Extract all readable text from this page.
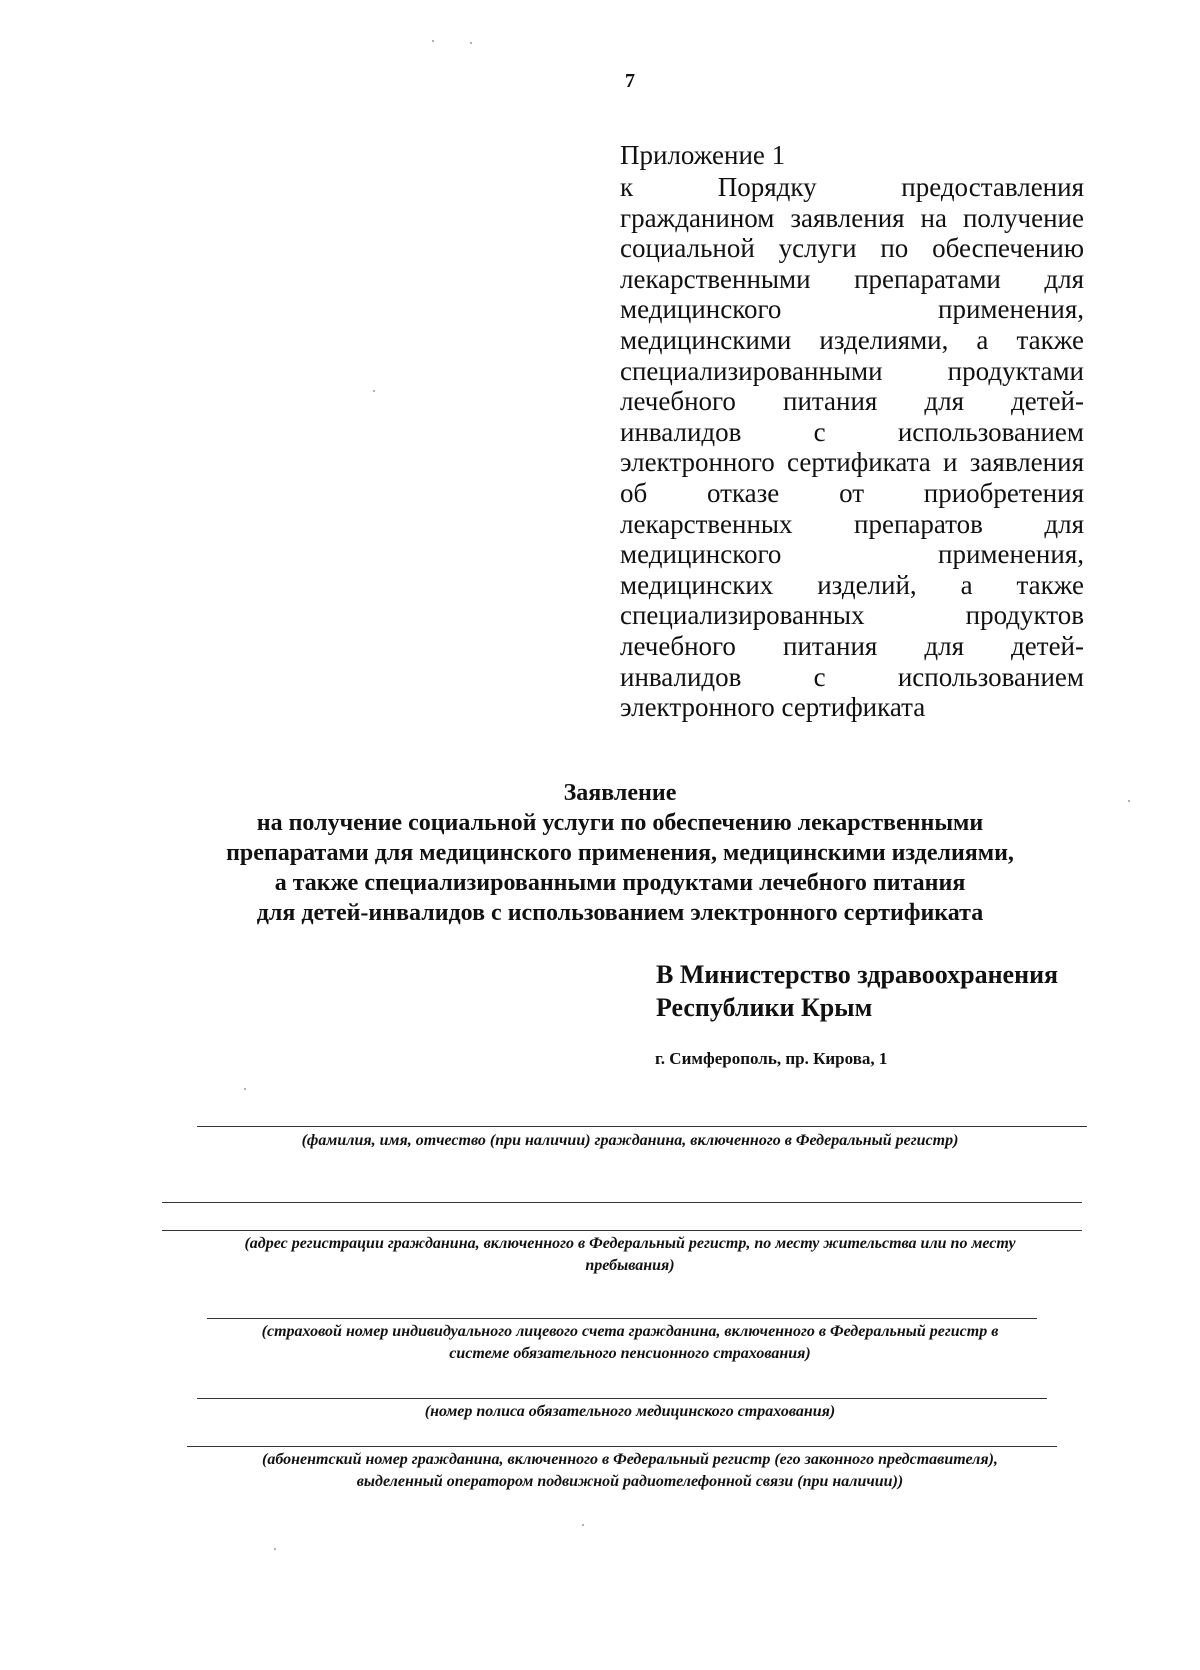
7
Приложение 1
к Порядку предоставления гражданином заявления на получение социальной услуги по обеспечению лекарственными препаратами для медицинского применения, медицинскими изделиями, а также специализированными продуктами лечебного питания для детей-инвалидов с использованием электронного сертификата и заявления об отказе от приобретения лекарственных препаратов для медицинского применения, медицинских изделий, а также специализированных продуктов лечебного питания для детей-инвалидов с использованием электронного сертификата
Заявление
на получение социальной услуги по обеспечению лекарственными
препаратами для медицинского применения, медицинскими изделиями,
а также специализированными продуктами лечебного питания
для детей-инвалидов с использованием электронного сертификата
В Министерство здравоохранения
Республики Крым
г. Симферополь, пр. Кирова, 1
(фамилия, имя, отчество (при наличии) гражданина, включенного в Федеральный регистр)
(адрес регистрации гражданина, включенного в Федеральный регистр, по месту жительства или по месту
пребывания)
(страховой номер индивидуального лицевого счета гражданина, включенного в Федеральный регистр в
системе обязательного пенсионного страхования)
(номер полиса обязательного медицинского страхования)
(абонентский номер гражданина, включенного в Федеральный регистр (его законного представителя),
выделенный оператором подвижной радиотелефонной связи (при наличии))
